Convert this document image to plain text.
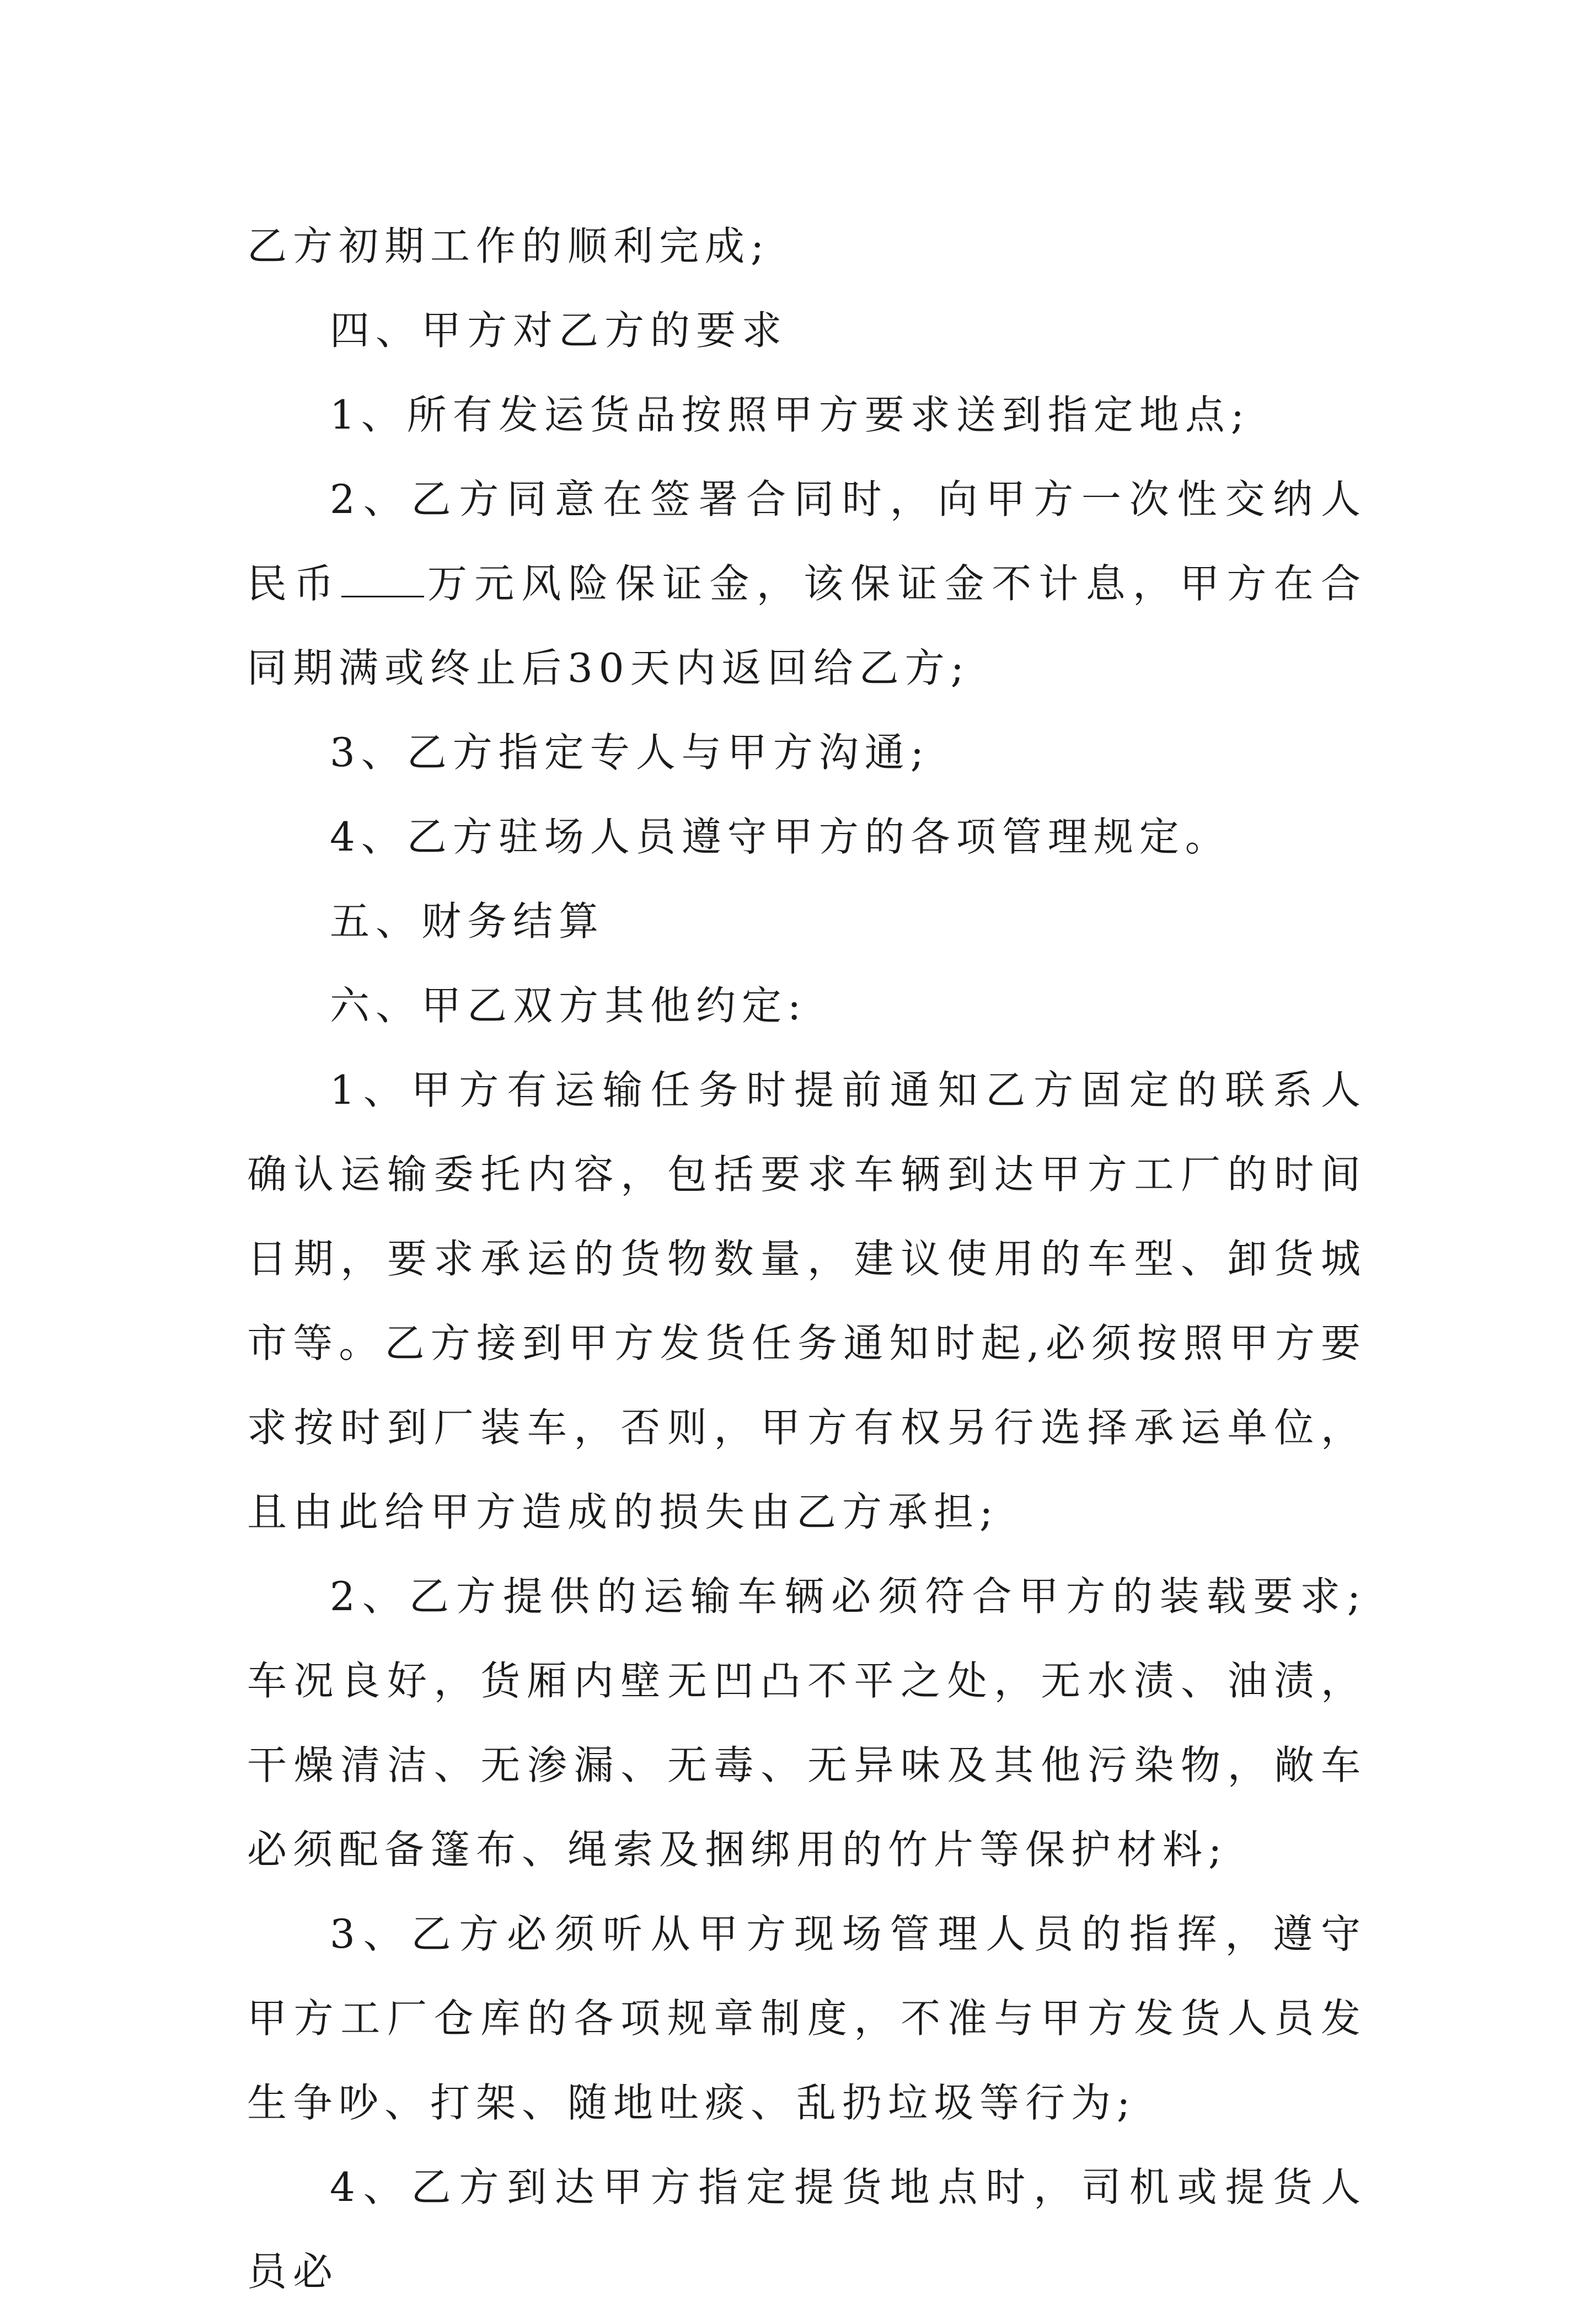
乙方初期工作的顺利完成;

四、甲方对乙方的要求

1、所有发运货品按照甲方要求送到指定地点;

2、乙方同意在签署合同时，向甲方一次性交纳人民币 万元风险保证金，该保证金不计息，甲方在合同期满或终止后30天内返回给乙方;

3、乙方指定专人与甲方沟通;

4、乙方驻场人员遵守甲方的各项管理规定。

五、财务结算

六、甲乙双方其他约定:

1、甲方有运输任务时提前通知乙方固定的联系人确认运输委托内容，包括要求车辆到达甲方工厂的时间日期，要求承运的货物数量，建议使用的车型、卸货城市等。乙方接到甲方发货任务通知时起,必须按照甲方要求按时到厂装车，否则，甲方有权另行选择承运单位，且由此给甲方造成的损失由乙方承担;

2、乙方提供的运输车辆必须符合甲方的装载要求;车况良好，货厢内壁无凹凸不平之处，无水渍、油渍，干燥清洁、无渗漏、无毒、无异味及其他污染物，敞车必须配备篷布、绳索及捆绑用的竹片等保护材料;

3、乙方必须听从甲方现场管理人员的指挥，遵守甲方工厂仓库的各项规章制度，不准与甲方发货人员发生争吵、打架、随地吐痰、乱扔垃圾等行为;

4、乙方到达甲方指定提货地点时，司机或提货人员必
